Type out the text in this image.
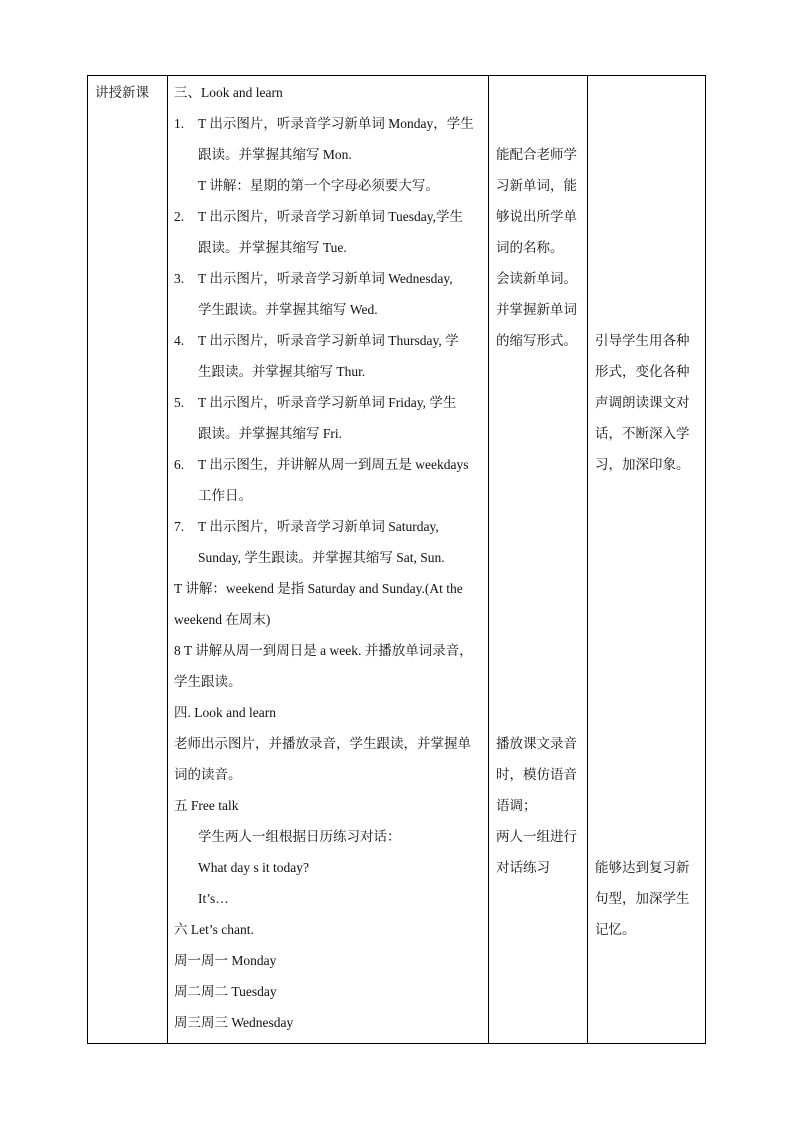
讲授新课 三、Look and learn
1. T 出示图片，听录音学习新单词 Monday，学生
跟读。并掌握其缩写 Mon.
T 讲解：星期的第一个字母必须要大写。
2. T 出示图片，听录音学习新单词 Tuesday,学生
跟读。并掌握其缩写 Tue.
3. T 出示图片，听录音学习新单词 Wednesday,
学生跟读。并掌握其缩写 Wed.
4. T 出示图片，听录音学习新单词 Thursday, 学
生跟读。并掌握其缩写 Thur.
5. T 出示图片，听录音学习新单词 Friday, 学生
跟读。并掌握其缩写 Fri.
6. T 出示图生，并讲解从周一到周五是 weekdays
工作日。
7. T 出示图片，听录音学习新单词 Saturday,
Sunday, 学生跟读。并掌握其缩写 Sat, Sun.
T 讲解：weekend 是指 Saturday and Sunday.(At the
weekend 在周末)
8 T 讲解从周一到周日是 a week. 并播放单词录音，
学生跟读。
四. Look and learn
老师出示图片，并播放录音，学生跟读，并掌握单
词的读音。
五 Free talk
学生两人一组根据日历练习对话：
What day s it today?
It’s…
六 Let’s chant.
周一周一 Monday
周二周二 Tuesday
周三周三 Wednesday
能配合老师学
习新单词，能
够说出所学单
词的名称。
会读新单词。
并掌握新单词
的缩写形式。
播放课文录音
时，模仿语音
语调；
两人一组进行
对话练习
引导学生用各种
形式，变化各种
声调朗读课文对
话，不断深入学
习，加深印象。
能够达到复习新
句型，加深学生
记忆。
